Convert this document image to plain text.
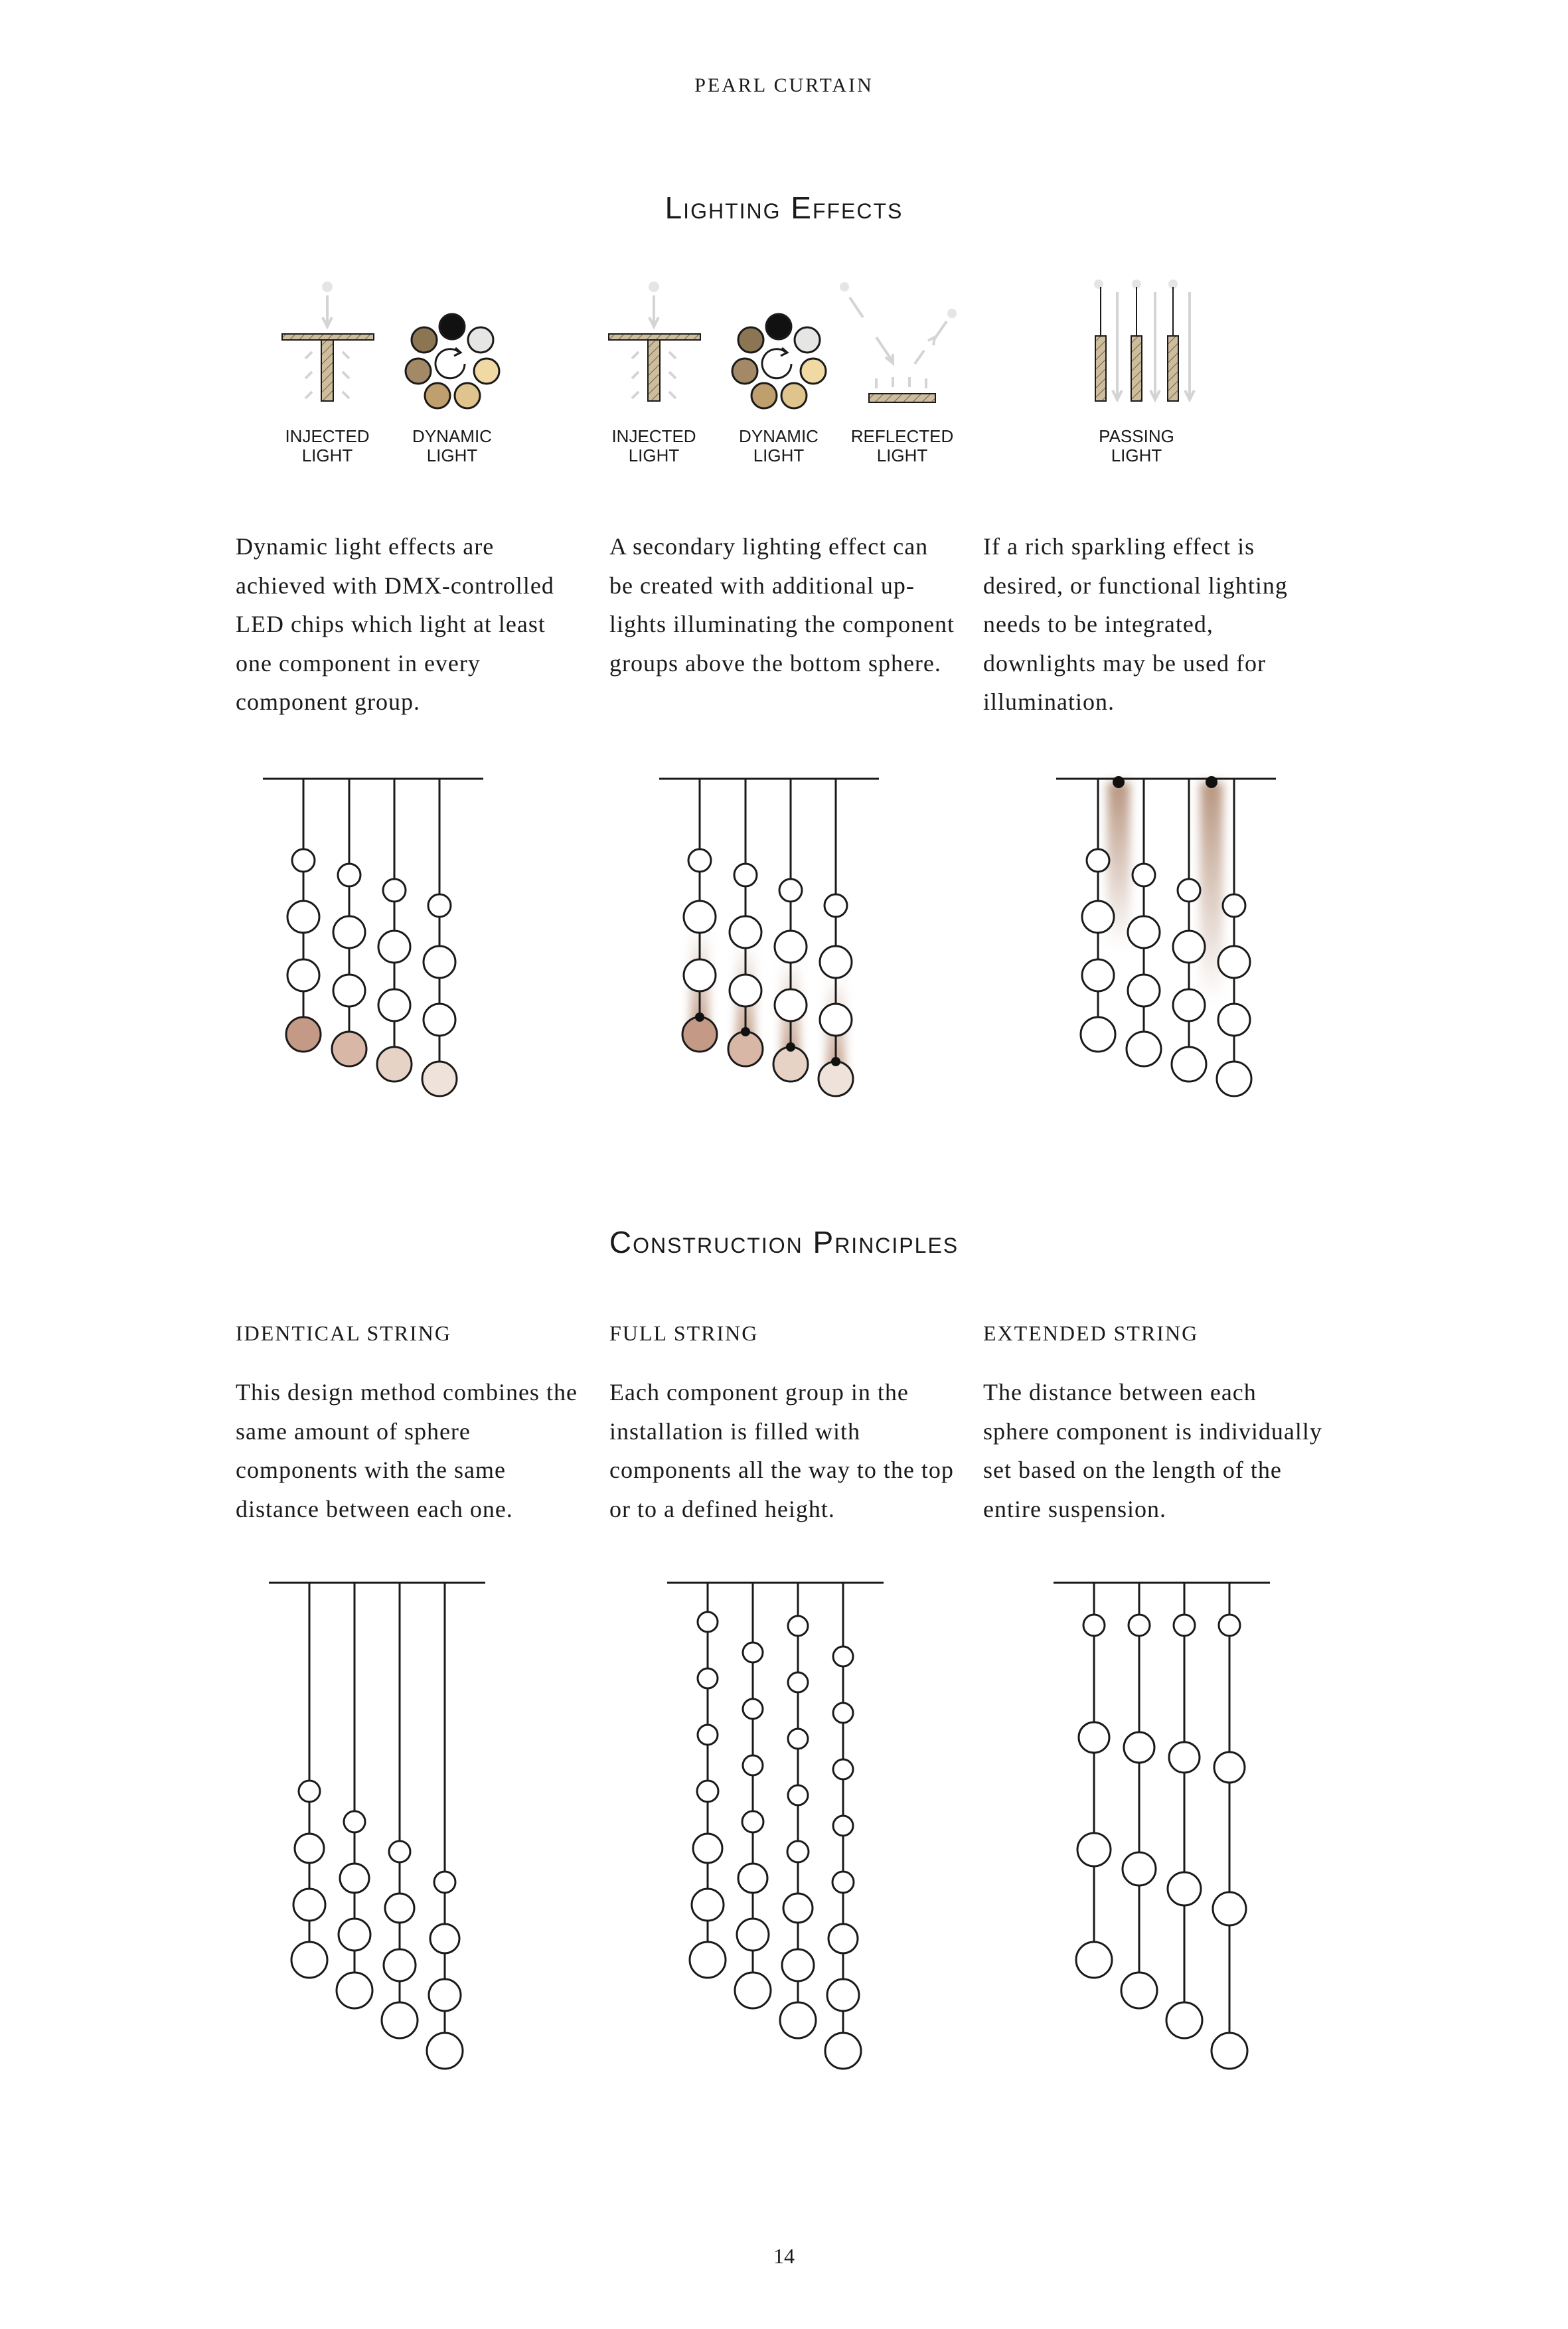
PEARL CURTAIN
Lighting Effects
INJECTED
LIGHT
DYNAMIC
LIGHT
INJECTED
LIGHT
DYNAMIC
LIGHT
REFLECTED
LIGHT
PASSING
LIGHT
Dynamic light effects are achieved with DMX-controlled LED chips which light at least one component in every component group.
A secondary lighting effect can be created with additional up-lights illuminating the component groups above the bottom sphere.
If a rich sparkling effect is desired, or functional lighting needs to be integrated, downlights may be used for illumination.
Construction Principles
IDENTICAL STRING	FULL STRING	EXTENDED STRING
This design method combines the same amount of sphere components with the same distance between each one.
Each component group in the installation is filled with components all the way to the top or to a defined height.
The distance between each sphere component is individually set based on the length of the entire suspension.
14
